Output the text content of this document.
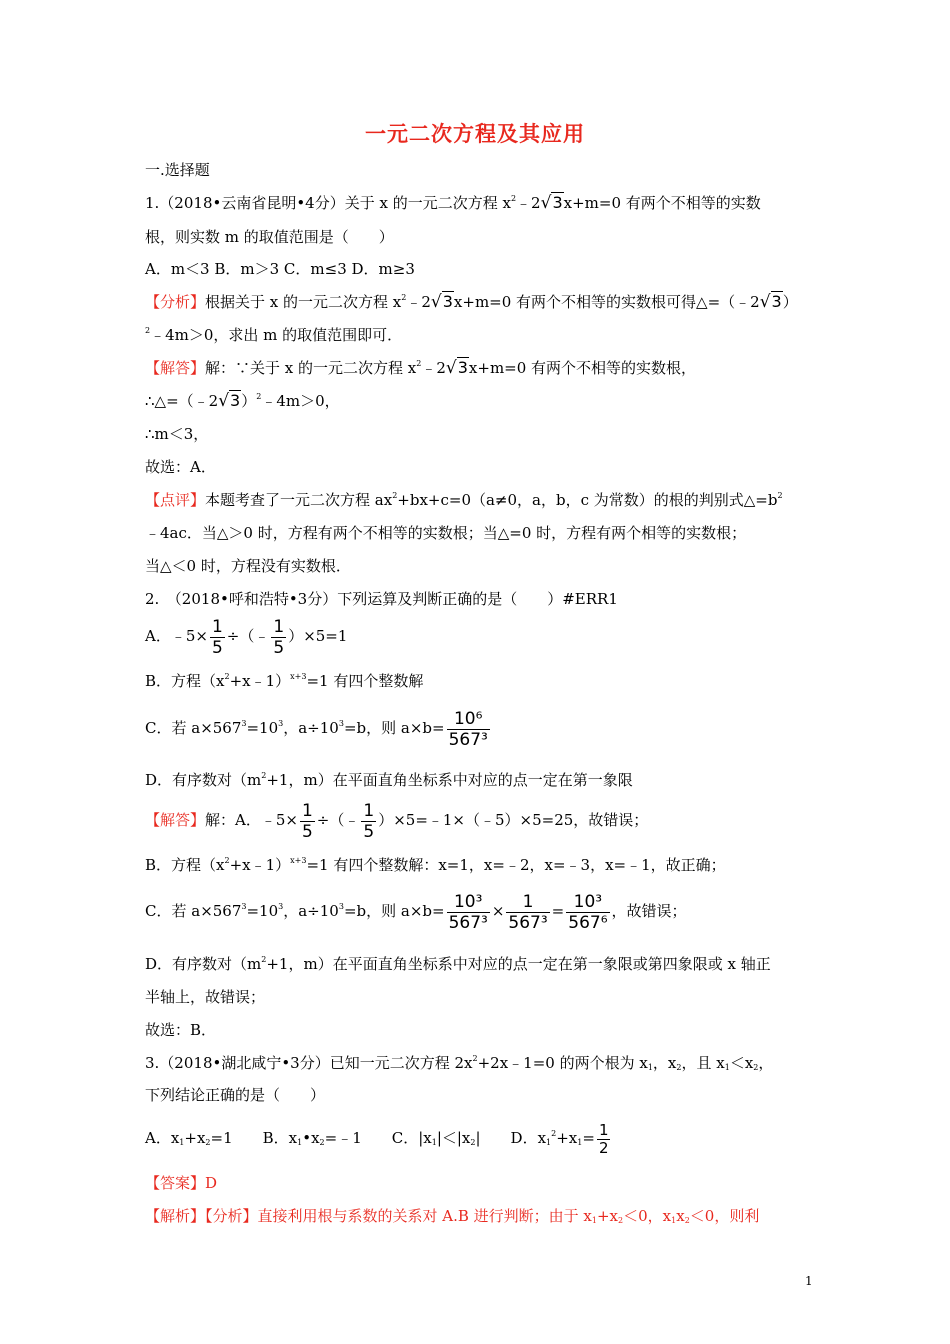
一元二次方程及其应用
一.选择题
1.（2018•云南省昆明•4分）关于 x 的一元二次方程 $x^2﹣2√3x+m=0$ 有两个不相等的实数
根，则实数 m 的取值范围是（　　）
A．m＜3 B．m＞3 C．m≤3 D．m≥3
【分析】根据关于 x 的一元二次方程 $x^2﹣2√3x+m=0$ 有两个不相等的实数根可得△=（﹣2√3）
$^2$﹣4m＞0，求出 m 的取值范围即可．
【解答】解：∵关于 x 的一元二次方程 $x^2﹣2√3x+m=0$ 有两个不相等的实数根，
∴△=（﹣2√3）$^2$﹣4m＞0，
∴m＜3，
故选：A．
【点评】本题考查了一元二次方程 $ax^2+bx+c=0(a\ne 0$，a，b，c 为常数）的根的判别式$\triangle=b^2$
﹣4ac．当△＞0 时，方程有两个不相等的实数根；当△=0 时，方程有两个相等的实数根；
当△＜0 时，方程没有实数根．
2.　（2018•呼和浩特•3分）下列运算及判断正确的是（　　）#ERR1
A．﹣5× $\frac{1}{5}$ ÷（﹣ $\frac{1}{5} )\times 5=1$
B．方程$(x^2+x﹣1)^{x+3}=1$ 有四个整数解
C．若 $a\times 567^3=10^3$，$a\div 10^3=b$，则 $a\times b= \frac{\text{10⁶}}{\text{567³}}$
D．有序数对（$m^2+1$，m）在平面直角坐标系中对应的点一定在第一象限
【解答】解：A．﹣5× $\frac{1}{5}$ ÷（﹣ $\frac{1}{5}$ ）×5=﹣1×（﹣5）×5=25，故错误；
B．方程$(x^2+x﹣1)^{x+3}=1$ 有四个整数解：x=1，x=﹣2，x=﹣3，x=﹣1，故正确；
C．若 $a\times 567^3=10^3$，$a\div 10^3=b$，则 $a\times b= \frac{\text{10³}}{\text{567³}} \times \frac{1}{\text{567³}} = \frac{\text{10³}}{\text{567⁶}}$ ，故错误；
D．有序数对（$m^2+1$，m）在平面直角坐标系中对应的点一定在第一象限或第四象限或 x 轴正
半轴上，故错误；
故选：B．
3.（2018•湖北咸宁•3分）已知一元二次方程 $2x^2+2x﹣1=0$ 的两个根为 $x_1$，$x_2$，且 $x_1<x_2$，
下列结论正确的是（　　）
A．$x_1+x_2=1$　　B．$x_1•x_2=﹣1$　　C．$|x_1|<|x_2|$　　D．$x_1^2+x_1= \frac{1}{2}$
【答案】D
【解析】【分析】直接利用根与系数的关系对 A.B 进行判断；由于 $x_1+x_2<0$，$x_1x_2<0$，则利
1
